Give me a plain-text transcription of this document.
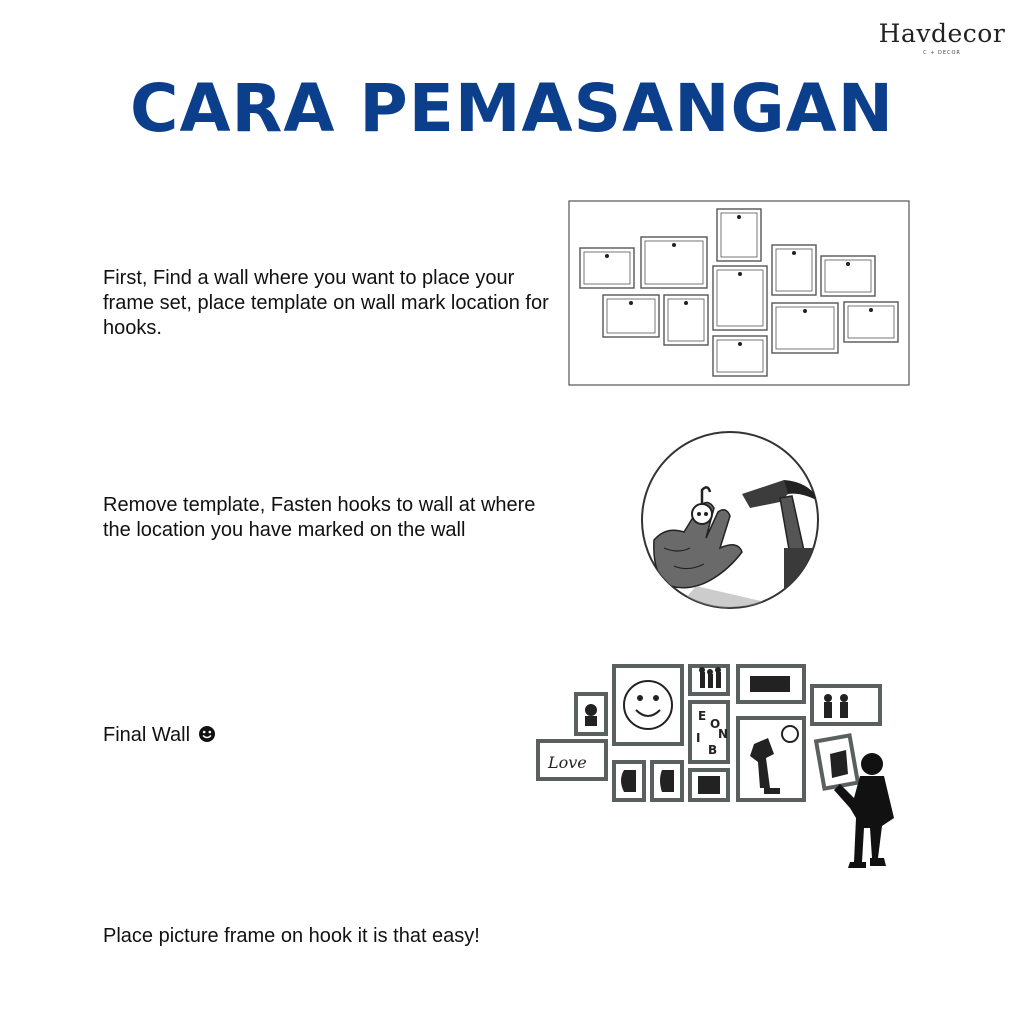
Havdecor
C + DECOR
CARA PEMASANGAN

First, Find a wall where you want to place your frame set, place template on wall mark location for hooks.

Remove template, Fasten hooks to wall at where the location you have marked on the wall

Final Wall

Place picture frame on hook it is that easy!

E
O
I
B
N
Love
